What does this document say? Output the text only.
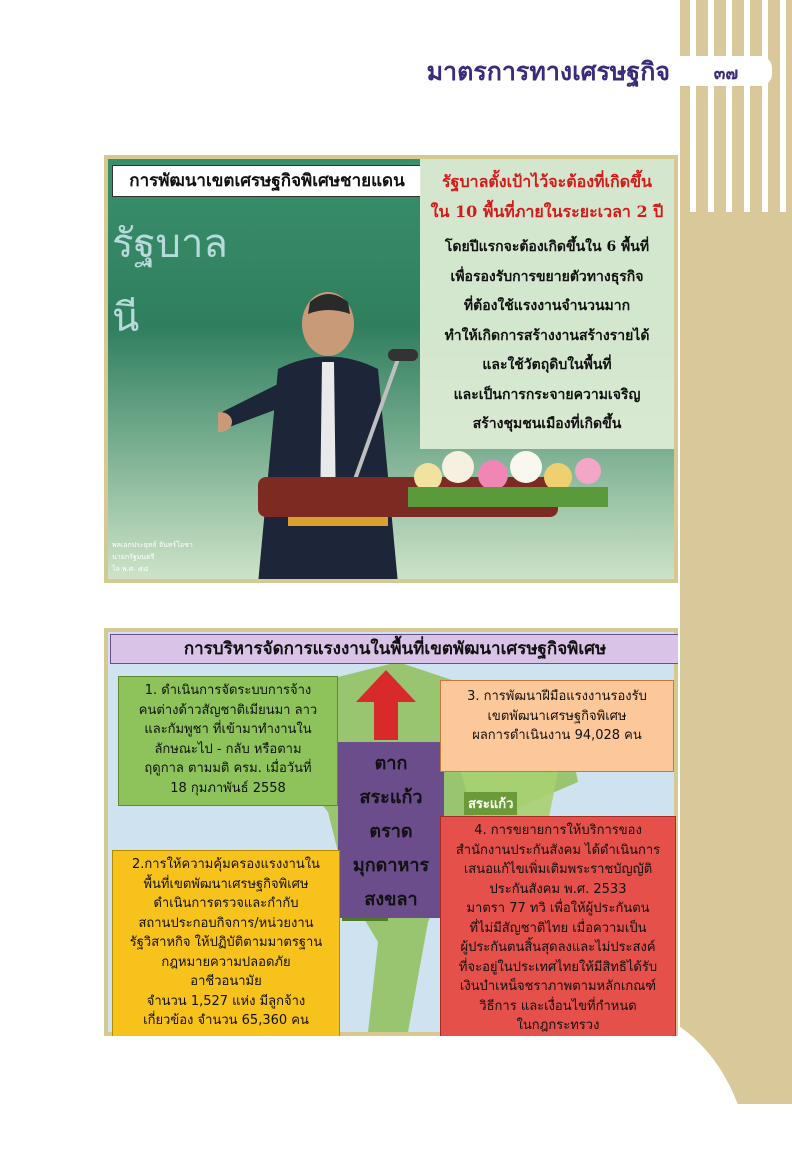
มาตรการทางเศรษฐกิจ	๓๗
รัฐบาล
นี
พลเอกประยุทธ์ จันทร์โอชา
นายกรัฐมนตรี
ไล พ.ศ. ๕๘
การพัฒนาเขตเศรษฐกิจพิเศษชายแดน	รัฐบาลตั้งเป้าไว้จะต้องที่เกิดขึ้น
ใน 10 พื้นที่ภายในระยะเวลา 2 ปี
โดยปีแรกจะต้องเกิดขึ้นใน 6 พื้นที่
เพื่อรองรับการขยายตัวทางธุรกิจ
ที่ต้องใช้แรงงานจำนวนมาก
ทำให้เกิดการสร้างงานสร้างรายได้
และใช้วัตถุดิบในพื้นที่
และเป็นการกระจายความเจริญ
สร้างชุมชนเมืองที่เกิดขึ้น
สระแก้ว
การบริหารจัดการแรงงานในพื้นที่เขตพัฒนาเศรษฐกิจพิเศษ
ตาก
สระแก้ว
ตราด
มุกดาหาร
สงขลา
1. ดำเนินการจัดระบบการจ้าง
คนต่างด้าวสัญชาติเมียนมา ลาว
และกัมพูชา ที่เข้ามาทำงานใน
ลักษณะไป - กลับ หรือตาม
ฤดูกาล ตามมติ ครม. เมื่อวันที่
18 กุมภาพันธ์ 2558
2.การให้ความคุ้มครองแรงงานใน
พื้นที่เขตพัฒนาเศรษฐกิจพิเศษ
ดำเนินการตรวจและกำกับ
สถานประกอบกิจการ/หน่วยงาน
รัฐวิสาหกิจ ให้ปฏิบัติตามมาตรฐาน
กฎหมายความปลอดภัย
อาชีวอนามัย
จำนวน 1,527 แห่ง มีลูกจ้าง
เกี่ยวข้อง จำนวน 65,360 คน
3. การพัฒนาฝีมือแรงงานรองรับ
เขตพัฒนาเศรษฐกิจพิเศษ
ผลการดำเนินงาน 94,028 คน
4. การขยายการให้บริการของ
สำนักงานประกันสังคม ได้ดำเนินการ
เสนอแก้ไขเพิ่มเติมพระราชบัญญัติ
ประกันสังคม พ.ศ. 2533
มาตรา 77 ทวิ เพื่อให้ผู้ประกันตน
ที่ไม่มีสัญชาติไทย เมื่อความเป็น
ผู้ประกันตนสิ้นสุดลงและไม่ประสงค์
ที่จะอยู่ในประเทศไทยให้มีสิทธิได้รับ
เงินบำเหน็จชราภาพตามหลักเกณฑ์
วิธีการ และเงื่อนไขที่กำหนด
ในกฎกระทรวง
